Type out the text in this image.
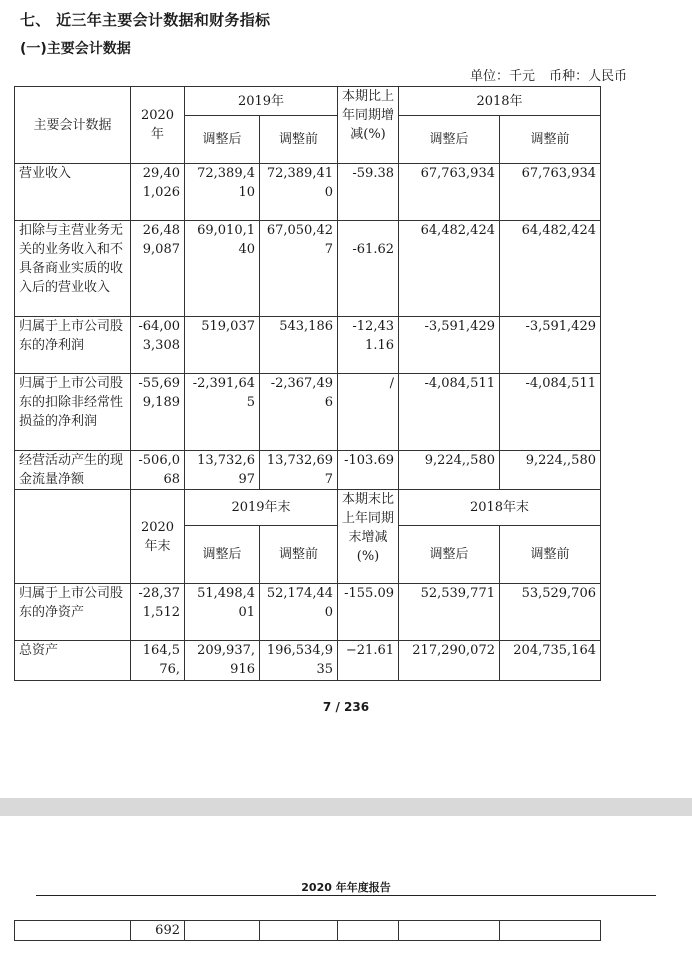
七、 近三年主要会计数据和财务指标
(一)主要会计数据
单位：千元 币种：人民币
主要会计数据	2020年	2019年		本期比上年同期增减(%)	2018年	
		调整后	调整前		调整后	调整前
营业收入	29,401,026	72,389,410	72,389,410	-59.38	67,763,934	67,763,934
扣除与主营业务无关的业务收入和不具备商业实质的收入后的营业收入	26,489,087	69,010,140	67,050,427	-61.62	64,482,424	64,482,424
归属于上市公司股东的净利润	-64,003,308	519,037	543,186	-12,431.16	-3,591,429	-3,591,429
归属于上市公司股东的扣除非经常性损益的净利润	-55,699,189	-2,391,645	-2,367,496	/	-4,084,511	-4,084,511
经营活动产生的现金流量净额	-506,068	13,732,697	13,732,697	-103.69	9,224,,580	9,224,,580
	2020年末	2019年末		本期末比上年同期末增减(%)	2018年末	
		调整后	调整前		调整后	调整前
归属于上市公司股东的净资产	-28,371,512	51,498,401	52,174,440	-155.09	52,539,771	53,529,706
总资产	164,576,	209,937,916	196,534,935	−21.61	217,290,072	204,735,164
7 / 236
2020 年年度报告
	692					
